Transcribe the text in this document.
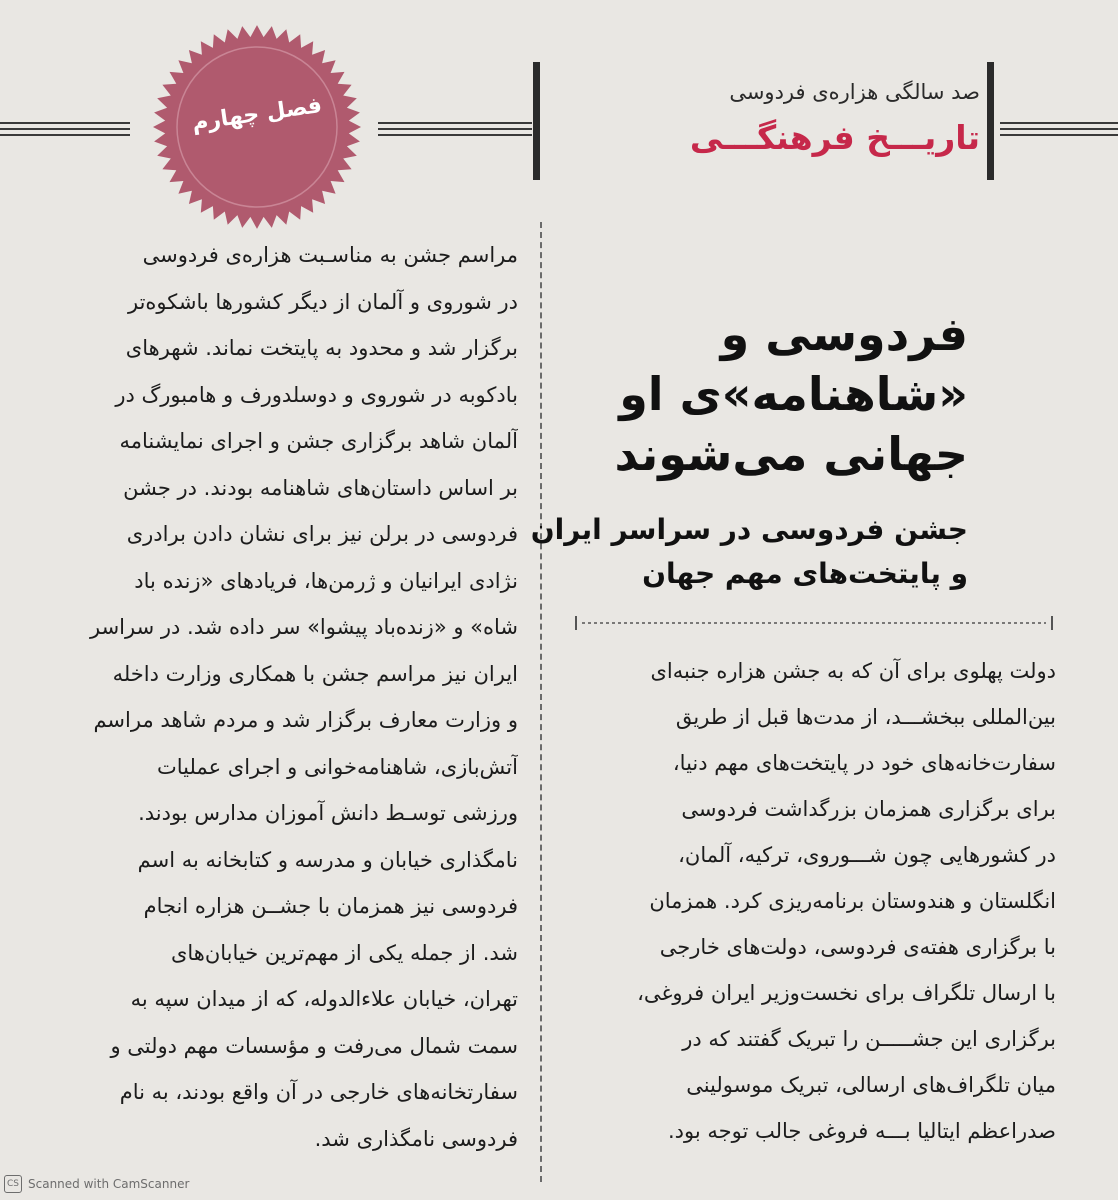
فصل چهارم
صد سالگی هزاره‌ی فردوسی
تاریـــخ فرهنگـــی
فردوسی و
«شاهنامه»ی او
جهانی می‌شوند
جشن فردوسی در سراسر ایران
و پایتخت‌های مهم جهان
دولت پهلوی برای آن که به جشن هزاره جنبه‌ای
بین‌المللی ببخشـــد، از مدت‌ها قبل از طریق
سفارت‌خانه‌های خود در پایتخت‌های مهم دنیا،
برای برگزاری همزمان بزرگداشت فردوسی
در کشورهایی چون شـــوروی، ترکیه، آلمان،
انگلستان و هندوستان برنامه‌ریزی کرد. همزمان
با برگزاری هفته‌ی فردوسی، دولت‌های خارجی
با ارسال تلگراف برای نخست‌وزیر ایران فروغی،
برگزاری این جشـــــن را تبریک گفتند که در
میان تلگراف‌های ارسالی، تبریک موسولینی
صدراعظم ایتالیا بـــه فروغی جالب توجه بود.
مراسم جشن به مناسـبت هزاره‌ی فردوسی
در شوروی و آلمان از دیگر کشورها باشکوه‌تر
برگزار شد و محدود به پایتخت نماند. شهرهای
بادکوبه در شوروی و دوسلدورف و هامبورگ در
آلمان شاهد برگزاری جشن و اجرای نمایشنامه
بر اساس داستان‌های شاهنامه بودند. در جشن
فردوسی در برلن نیز برای نشان دادن برادری
نژادی ایرانیان و ژرمن‌ها، فریادهای «زنده باد
شاه» و «زنده‌باد پیشوا» سر داده شد. در سراسر
ایران نیز مراسم جشن با همکاری وزارت داخله
و وزارت معارف برگزار شد و مردم شاهد مراسم
آتش‌بازی، شاهنامه‌خوانی و اجرای عملیات
ورزشی توسـط دانش آموزان مدارس بودند.
نامگذاری خیابان و مدرسه و کتابخانه به اسم
فردوسی نیز همزمان با جشــن هزاره انجام
شد. از جمله یکی از مهم‌ترین خیابان‌های
تهران، خیابان علاءالدوله، که از میدان سپه به
سمت شمال می‌رفت و مؤسسات مهم دولتی و
سفارتخانه‌های خارجی در آن واقع بودند، به نام
فردوسی نامگذاری شد.
CS Scanned with CamScanner
